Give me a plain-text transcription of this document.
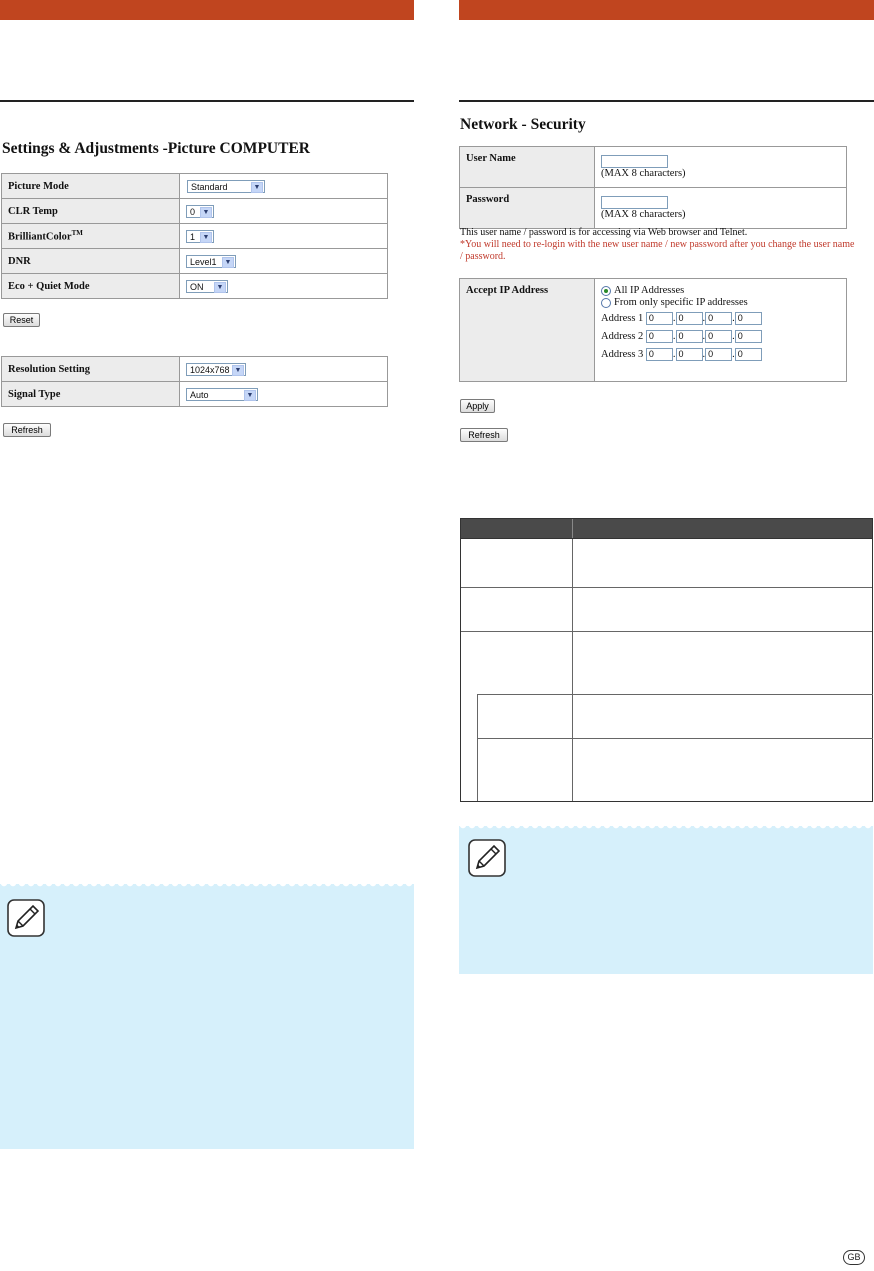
Settings & Adjustments -Picture COMPUTER
Picture Mode	Standard ▼

CLR Temp	0 ▼

BrilliantColor™	1 ▼

DNR	Level1 ▼

Eco + Quiet Mode	ON ▼
Reset
Resolution Setting	1024x768 ▼

Signal Type	Auto ▼
Refresh
Network - Security
User Name	(MAX 8 characters)

Password	(MAX 8 characters)
This user name / password is for accessing via Web browser and Telnet.
*You will need to re-login with the new user name / new password after you change the user name / password.
Accept IP Address	All IP Addresses
From only specific IP addresses
Address 1 0 . 0 . 0 . 0
Address 2 0 . 0 . 0 . 0
Address 3 0 . 0 . 0 . 0
Apply
Refresh
GB
